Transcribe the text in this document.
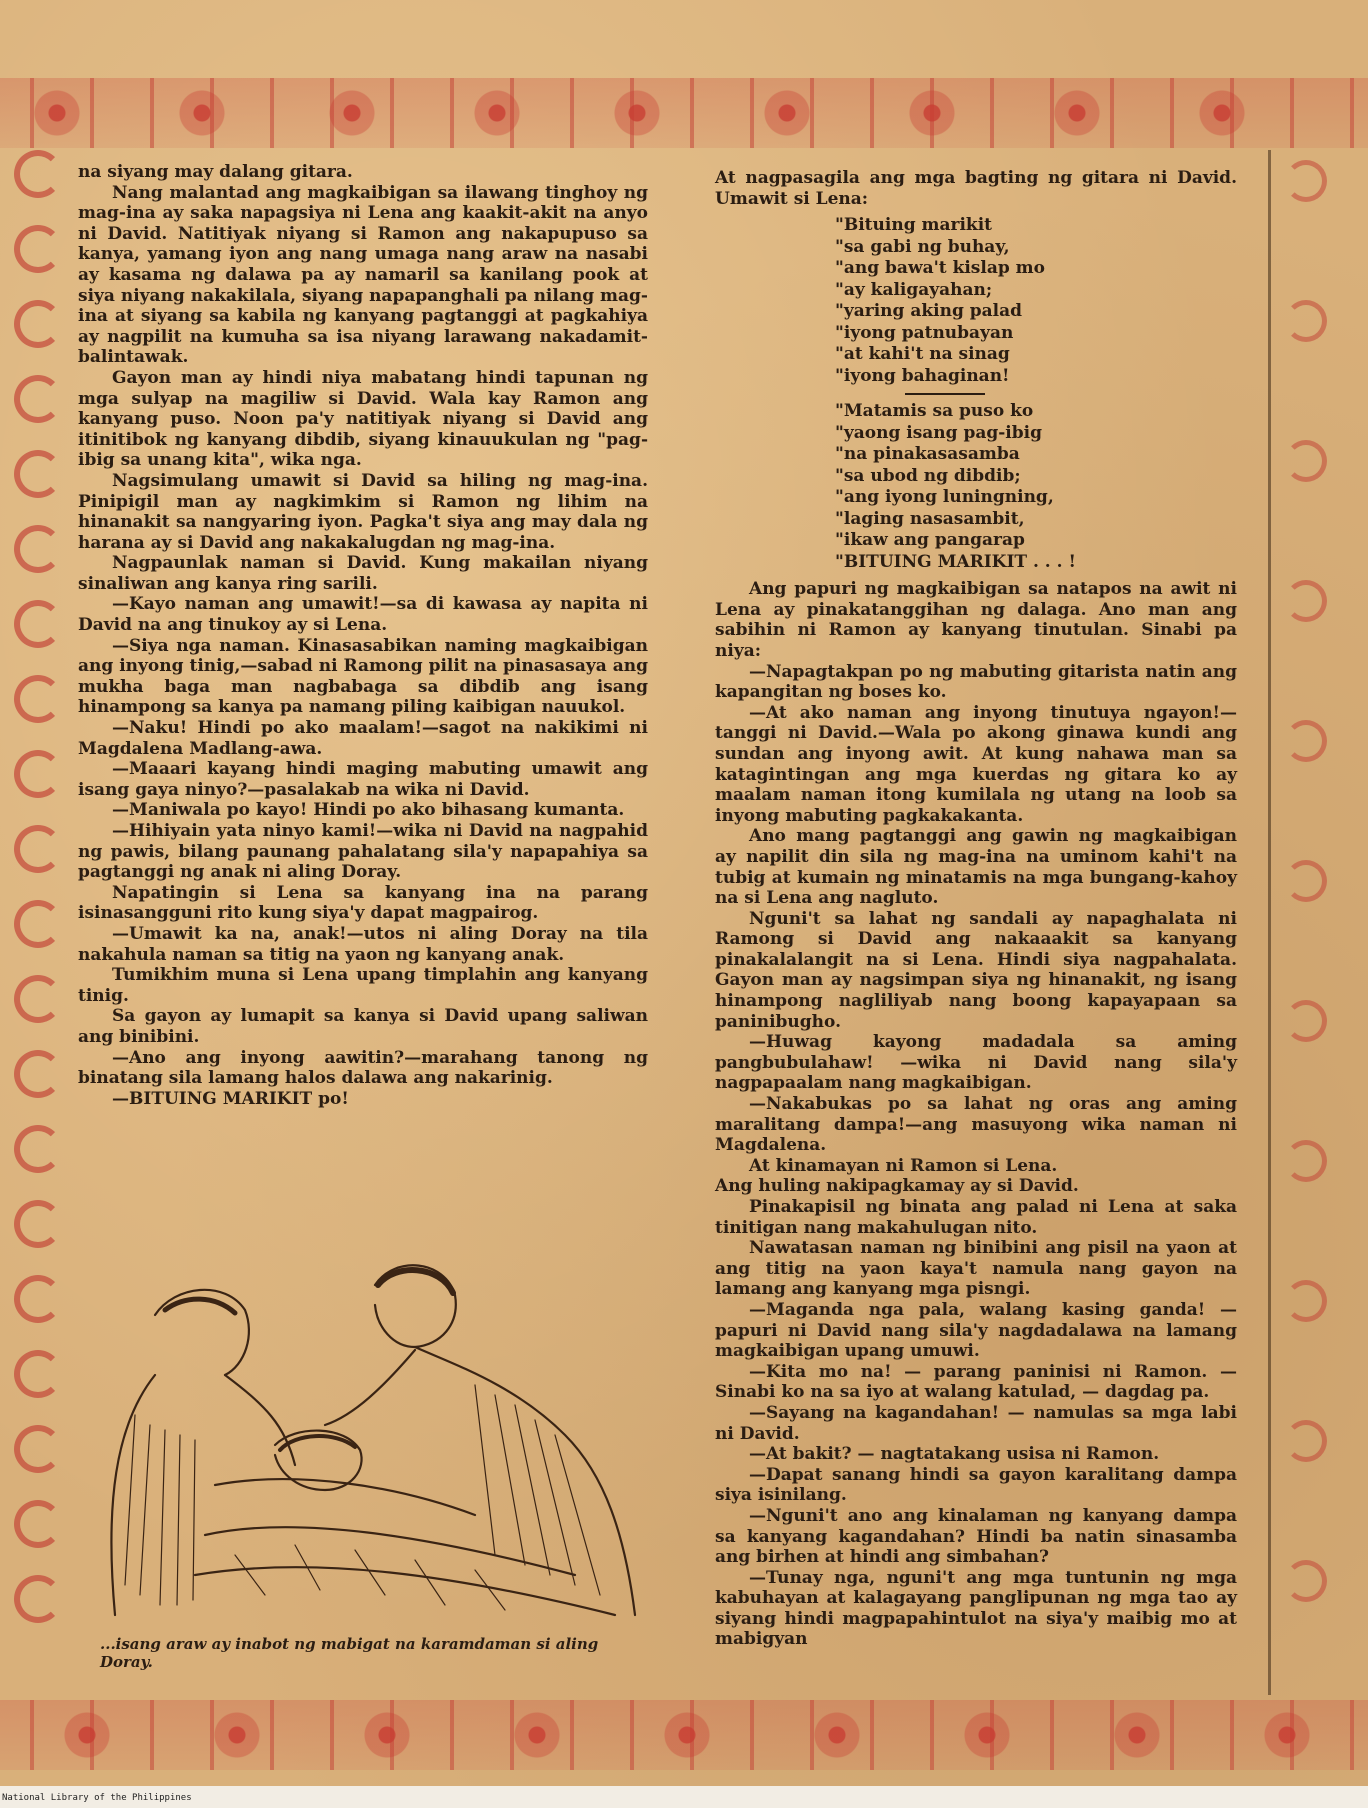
na siyang may dalang gitara.

Nang malantad ang magkaibigan sa ilawang tinghoy ng mag-ina ay saka napagsiya ni Lena ang kaakit-akit na anyo ni David. Natitiyak niyang si Ramon ang nakapupuso sa kanya, yamang iyon ang nang umaga nang araw na nasabi ay kasama ng dalawa pa ay namaril sa kanilang pook at siya niyang nakakilala, siyang napapanghali pa nilang mag-ina at siyang sa kabila ng kanyang pagtanggi at pagkahiya ay nagpilit na kumuha sa isa niyang larawang nakadamit-balintawak.

Gayon man ay hindi niya mabatang hindi tapunan ng mga sulyap na magiliw si David. Wala kay Ramon ang kanyang puso. Noon pa'y natitiyak niyang si David ang itinitibok ng kanyang dibdib, siyang kinauukulan ng "pag-ibig sa unang kita", wika nga.

Nagsimulang umawit si David sa hiling ng mag-ina. Pinipigil man ay nagkimkim si Ramon ng lihim na hinanakit sa nangyaring iyon. Pagka't siya ang may dala ng harana ay si David ang nakakalugdan ng mag-ina.

Nagpaunlak naman si David. Kung makailan niyang sinaliwan ang kanya ring sarili.

—Kayo naman ang umawit!—sa di kawasa ay napita ni David na ang tinukoy ay si Lena.

—Siya nga naman. Kinasasabikan naming magkaibigan ang inyong tinig,—sabad ni Ramong pilit na pinasasaya ang mukha baga man nagbabaga sa dibdib ang isang hinampong sa kanya pa namang piling kaibigan nauukol.

—Naku! Hindi po ako maalam!—sagot na nakikimi ni Magdalena Madlang-awa.

—Maaari kayang hindi maging mabuting umawit ang isang gaya ninyo?—pasalakab na wika ni David.

—Maniwala po kayo! Hindi po ako bihasang kumanta.

—Hihiyain yata ninyo kami!—wika ni David na nagpahid ng pawis, bilang paunang pahalatang sila'y napapahiya sa pagtanggi ng anak ni aling Doray.

Napatingin si Lena sa kanyang ina na parang isinasangguni rito kung siya'y dapat magpairog.

—Umawit ka na, anak!—utos ni aling Doray na tila nakahula naman sa titig na yaon ng kanyang anak.

Tumikhim muna si Lena upang timplahin ang kanyang tinig.

Sa gayon ay lumapit sa kanya si David upang saliwan ang binibini.

—Ano ang inyong aawitin?—marahang tanong ng binatang sila lamang halos dalawa ang nakarinig.

—BITUING MARIKIT po!

...isang araw ay inabot ng mabigat na karamdaman si aling Doray.

At nagpasagila ang mga bagting ng gitara ni David. Umawit si Lena:

"Bituing marikit
"sa gabi ng buhay,
"ang bawa't kislap mo
"ay kaligayahan;
"yaring aking palad
"iyong patnubayan
"at kahi't na sinag
"iyong bahaginan!
"Matamis sa puso ko
"yaong isang pag-ibig
"na pinakasasamba
"sa ubod ng dibdib;
"ang iyong luningning,
"laging nasasambit,
"ikaw ang pangarap
"BITUING MARIKIT . . . !

Ang papuri ng magkaibigan sa natapos na awit ni Lena ay pinakatanggihan ng dalaga. Ano man ang sabihin ni Ramon ay kanyang tinutulan. Sinabi pa niya:

—Napagtakpan po ng mabuting gitarista natin ang kapangitan ng boses ko.

—At ako naman ang inyong tinutuya ngayon!—tanggi ni David.—Wala po akong ginawa kundi ang sundan ang inyong awit. At kung nahawa man sa katagintingan ang mga kuerdas ng gitara ko ay maalam naman itong kumilala ng utang na loob sa inyong mabuting pagkakakanta.

Ano mang pagtanggi ang gawin ng magkaibigan ay napilit din sila ng mag-ina na uminom kahi't na tubig at kumain ng minatamis na mga bungang-kahoy na si Lena ang nagluto.

Nguni't sa lahat ng sandali ay napaghalata ni Ramong si David ang nakaaakit sa kanyang pinakalalangit na si Lena. Hindi siya nagpahalata. Gayon man ay nagsimpan siya ng hinanakit, ng isang hinampong nagliliyab nang boong kapayapaan sa paninibugho.

—Huwag kayong madadala sa aming pangbubulahaw! —wika ni David nang sila'y nagpapaalam nang magkaibigan.

—Nakabukas po sa lahat ng oras ang aming maralitang dampa!—ang masuyong wika naman ni Magdalena.

At kinamayan ni Ramon si Lena.

Ang huling nakipagkamay ay si David.

Pinakapisil ng binata ang palad ni Lena at saka tinitigan nang makahulugan nito.

Nawatasan naman ng binibini ang pisil na yaon at ang titig na yaon kaya't namula nang gayon na lamang ang kanyang mga pisngi.

—Maganda nga pala, walang kasing ganda! — papuri ni David nang sila'y nagdadalawa na lamang magkaibigan upang umuwi.

—Kita mo na! — parang paninisi ni Ramon. — Sinabi ko na sa iyo at walang katulad, — dagdag pa.

—Sayang na kagandahan! — namulas sa mga labi ni David.

—At bakit? — nagtatakang usisa ni Ramon.

—Dapat sanang hindi sa gayon karalitang dampa siya isinilang.

—Nguni't ano ang kinalaman ng kanyang dampa sa kanyang kagandahan? Hindi ba natin sinasamba ang birhen at hindi ang simbahan?

—Tunay nga, nguni't ang mga tuntunin ng mga kabuhayan at kalagayang panglipunan ng mga tao ay siyang hindi magpapahintulot na siya'y maibig mo at mabigyan

National Library of the Philippines
